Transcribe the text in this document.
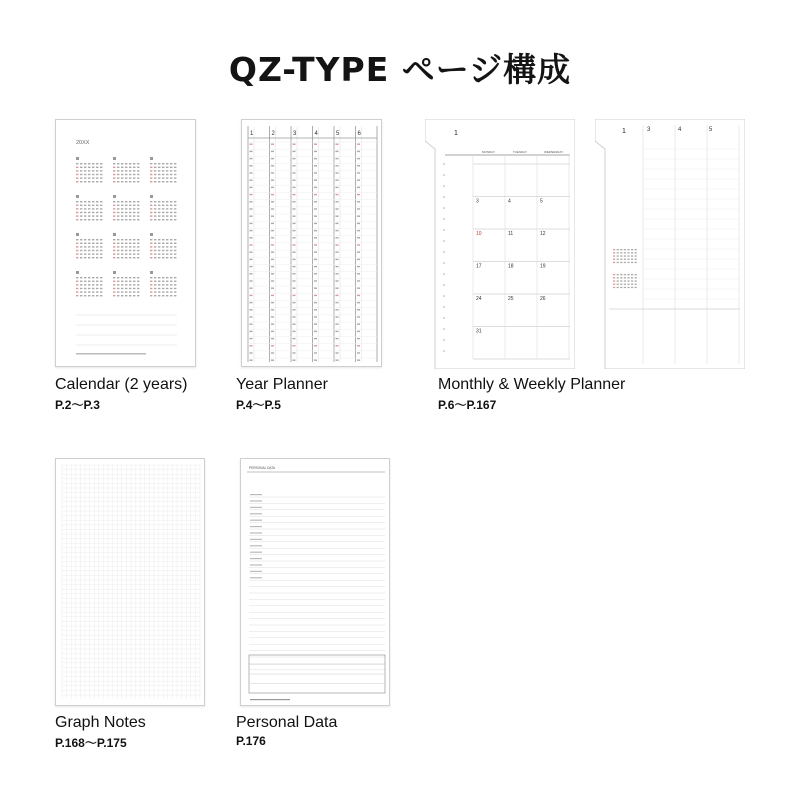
QZ-TYPE ページ構成
20XX
Calendar (2 years)
P.2〜P.3
1	2	3	4	5	6
Year Planner
P.4〜P.5
1
MONDAY	TUESDAY	WEDNESDAY
3	4	5
10	11	12
17	18	19
24	25	26
31
1	3	4	5
Monthly & Weekly Planner
P.6〜P.167
Graph Notes
P.168〜P.175
PERSONAL DATA
Personal Data
P.176
